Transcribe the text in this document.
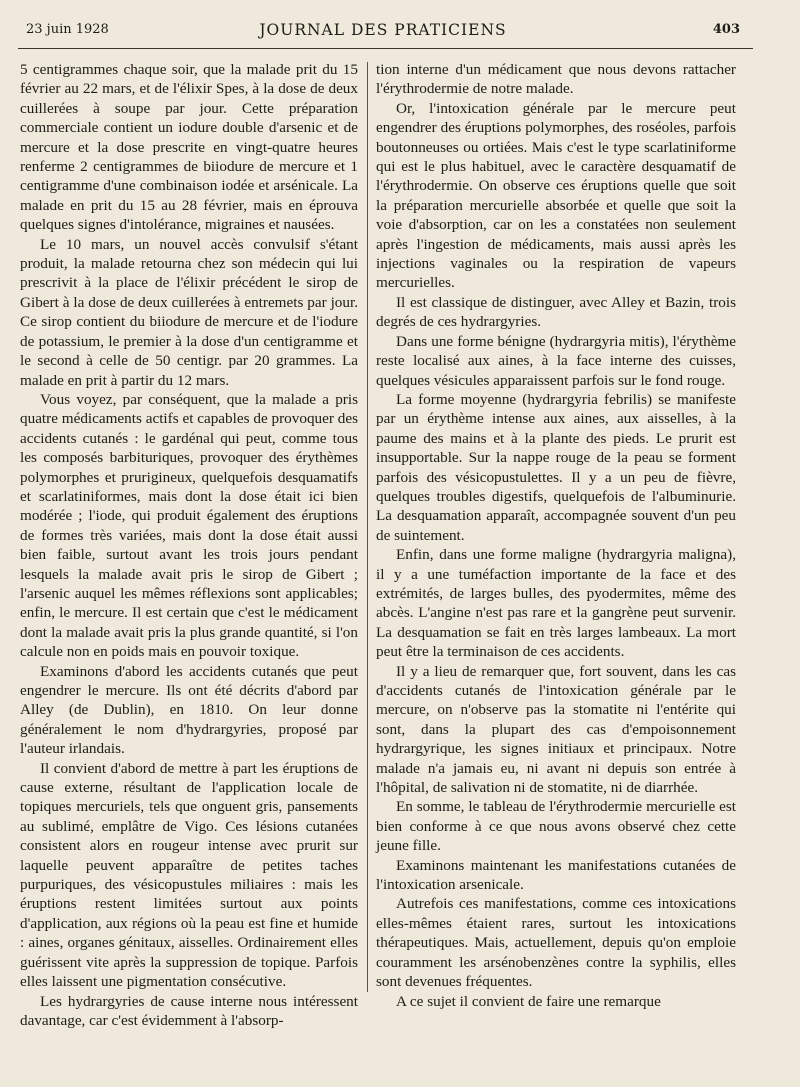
23 juin 1928	JOURNAL DES PRATICIENS	403

5 centigrammes chaque soir, que la malade prit du 15 février au 22 mars, et de l'élixir Spes, à la dose de deux cuillerées à soupe par jour. Cette préparation commerciale contient un iodure double d'arsenic et de mercure et la dose prescrite en vingt-quatre heures renferme 2 centigrammes de biiodure de mercure et 1 centigramme d'une combinaison iodée et arsénicale. La malade en prit du 15 au 28 février, mais en éprouva quelques signes d'intolérance, migraines et nausées.

Le 10 mars, un nouvel accès convulsif s'étant produit, la malade retourna chez son médecin qui lui prescrivit à la place de l'élixir précédent le sirop de Gibert à la dose de deux cuillerées à entremets par jour. Ce sirop contient du biiodure de mercure et de l'iodure de potassium, le premier à la dose d'un centigramme et le second à celle de 50 centigr. par 20 grammes. La malade en prit à partir du 12 mars.

Vous voyez, par conséquent, que la malade a pris quatre médicaments actifs et capables de provoquer des accidents cutanés : le gardénal qui peut, comme tous les composés barbituriques, provoquer des érythèmes polymorphes et prurigineux, quelquefois desquamatifs et scarlatiniformes, mais dont la dose était ici bien modérée ; l'iode, qui produit également des éruptions de formes très variées, mais dont la dose était aussi bien faible, surtout avant les trois jours pendant lesquels la malade avait pris le sirop de Gibert ; l'arsenic auquel les mêmes réflexions sont applicables; enfin, le mercure. Il est certain que c'est le médicament dont la malade avait pris la plus grande quantité, si l'on calcule non en poids mais en pouvoir toxique.

Examinons d'abord les accidents cutanés que peut engendrer le mercure. Ils ont été décrits d'abord par Alley (de Dublin), en 1810. On leur donne généralement le nom d'hydrargyries, proposé par l'auteur irlandais.

Il convient d'abord de mettre à part les éruptions de cause externe, résultant de l'application locale de topiques mercuriels, tels que onguent gris, pansements au sublimé, emplâtre de Vigo. Ces lésions cutanées consistent alors en rougeur intense avec prurit sur laquelle peuvent apparaître de petites taches purpuriques, des vésicopustules miliaires : mais les éruptions restent limitées surtout aux points d'application, aux régions où la peau est fine et humide : aines, organes génitaux, aisselles. Ordinairement elles guérissent vite après la suppression de topique. Parfois elles laissent une pigmentation consécutive.

Les hydrargyries de cause interne nous intéressent davantage, car c'est évidemment à l'absorp-

tion interne d'un médicament que nous devons rattacher l'érythrodermie de notre malade.

Or, l'intoxication générale par le mercure peut engendrer des éruptions polymorphes, des roséoles, parfois boutonneuses ou ortiées. Mais c'est le type scarlatiniforme qui est le plus habituel, avec le caractère desquamatif de l'érythrodermie. On observe ces éruptions quelle que soit la préparation mercurielle absorbée et quelle que soit la voie d'absorption, car on les a constatées non seulement après l'ingestion de médicaments, mais aussi après les injections vaginales ou la respiration de vapeurs mercurielles.

Il est classique de distinguer, avec Alley et Bazin, trois degrés de ces hydrargyries.

Dans une forme bénigne (hydrargyria mitis), l'érythème reste localisé aux aines, à la face interne des cuisses, quelques vésicules apparaissent parfois sur le fond rouge.

La forme moyenne (hydrargyria febrilis) se manifeste par un érythème intense aux aines, aux aisselles, à la paume des mains et à la plante des pieds. Le prurit est insupportable. Sur la nappe rouge de la peau se forment parfois des vésicopustulettes. Il y a un peu de fièvre, quelques troubles digestifs, quelquefois de l'albuminurie. La desquamation apparaît, accompagnée souvent d'un peu de suintement.

Enfin, dans une forme maligne (hydrargyria maligna), il y a une tuméfaction importante de la face et des extrémités, de larges bulles, des pyodermites, même des abcès. L'angine n'est pas rare et la gangrène peut survenir. La desquamation se fait en très larges lambeaux. La mort peut être la terminaison de ces accidents.

Il y a lieu de remarquer que, fort souvent, dans les cas d'accidents cutanés de l'intoxication générale par le mercure, on n'observe pas la stomatite ni l'entérite qui sont, dans la plupart des cas d'empoisonnement hydrargyrique, les signes initiaux et principaux. Notre malade n'a jamais eu, ni avant ni depuis son entrée à l'hôpital, de salivation ni de stomatite, ni de diarrhée.

En somme, le tableau de l'érythrodermie mercurielle est bien conforme à ce que nous avons observé chez cette jeune fille.

Examinons maintenant les manifestations cutanées de l'intoxication arsenicale.

Autrefois ces manifestations, comme ces intoxications elles-mêmes étaient rares, surtout les intoxications thérapeutiques. Mais, actuellement, depuis qu'on emploie couramment les arsénobenzènes contre la syphilis, elles sont devenues fréquentes.

A ce sujet il convient de faire une remarque
